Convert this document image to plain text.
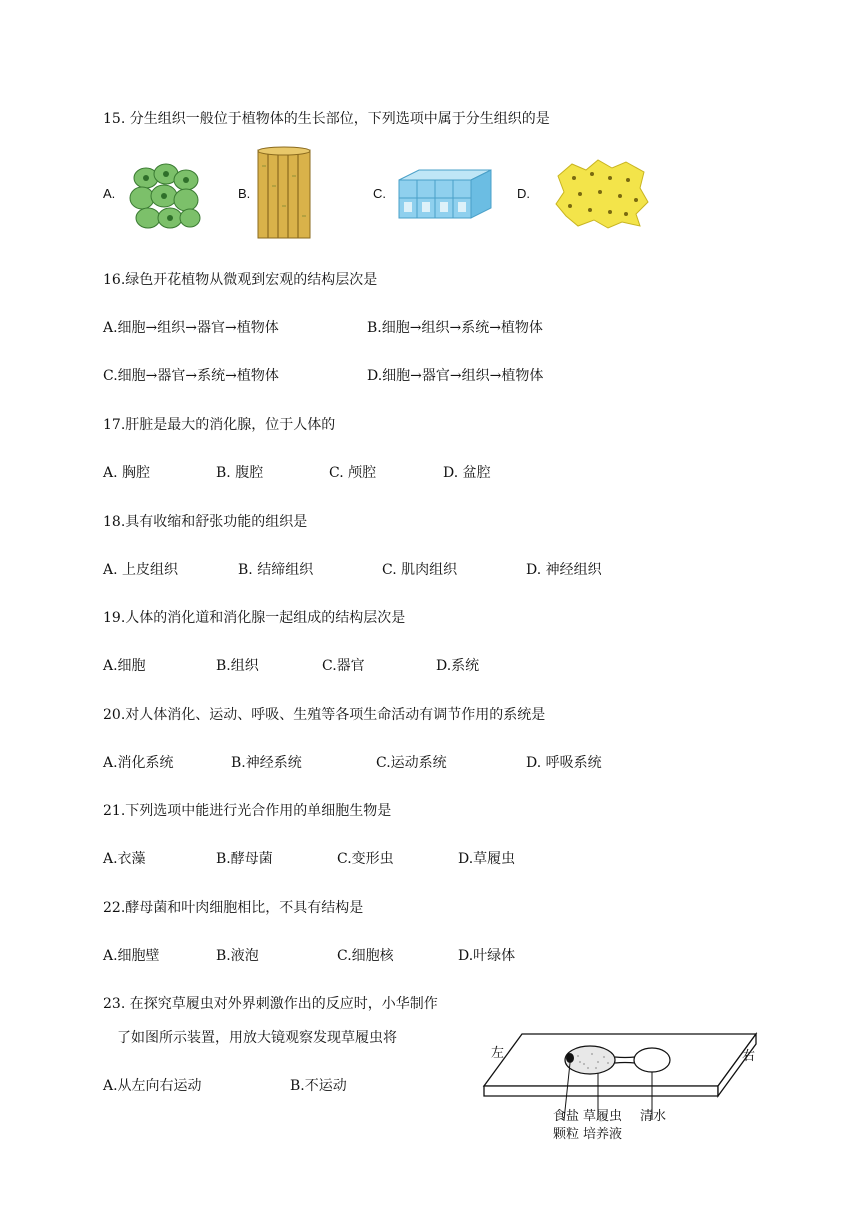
15. 分生组织一般位于植物体的生长部位，下列选项中属于分生组织的是
A.	B.	C.	D.
16.绿色开花植物从微观到宏观的结构层次是
A.细胞→组织→器官→植物体	B.细胞→组织→系统→植物体
C.细胞→器官→系统→植物体	D.细胞→器官→组织→植物体
17.肝脏是最大的消化腺，位于人体的
A. 胸腔	B. 腹腔	C. 颅腔	D. 盆腔
18.具有收缩和舒张功能的组织是
A. 上皮组织	B. 结缔组织	C. 肌肉组织	D. 神经组织
19.人体的消化道和消化腺一起组成的结构层次是
A.细胞	B.组织	C.器官	D.系统
20.对人体消化、运动、呼吸、生殖等各项生命活动有调节作用的系统是
A.消化系统	B.神经系统	C.运动系统	D. 呼吸系统
21.下列选项中能进行光合作用的单细胞生物是
A.衣藻	B.酵母菌	C.变形虫	D.草履虫
22.酵母菌和叶肉细胞相比，不具有结构是
A.细胞壁	B.液泡	C.细胞核	D.叶绿体
23. 在探究草履虫对外界刺激作出的反应时，小华制作
了如图所示装置，用放大镜观察发现草履虫将
A.从左向右运动	B.不运动
左	右
食盐
颗粒
草履虫
培养液
清水
